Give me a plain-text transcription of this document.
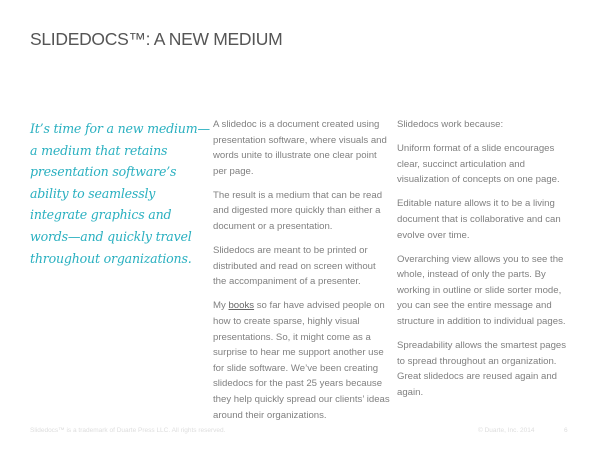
SLIDEDOCS™: A NEW MEDIUM
It’s time for a new medium—
a medium that retains
presentation software’s
ability to seamlessly
integrate graphics and
words—and quickly travel
throughout organizations.

A slidedoc is a document created using presentation software, where visuals and words unite to illustrate one clear point per page.

The result is a medium that can be read and digested more quickly than either a document or a presentation.

Slidedocs are meant to be printed or distributed and read on screen without the accompaniment of a presenter.

My books so far have advised people on how to create sparse, highly visual presentations. So, it might come as a surprise to hear me support another use for slide software. We’ve been creating slidedocs for the past 25 years because they help quickly spread our clients’ ideas around their organizations.

Slidedocs work because:

Uniform format of a slide encourages clear, succinct articulation and visualization of concepts on one page.

Editable nature allows it to be a living document that is collaborative and can evolve over time.

Overarching view allows you to see the whole, instead of only the parts. By working in outline or slide sorter mode, you can see the entire message and structure in addition to individual pages.

Spreadability allows the smartest pages to spread throughout an organization. Great slidedocs are reused again and again.

Slidedocs™ is a trademark of Duarte Press LLC. All rights reserved.	© Duarte, Inc. 2014	6
